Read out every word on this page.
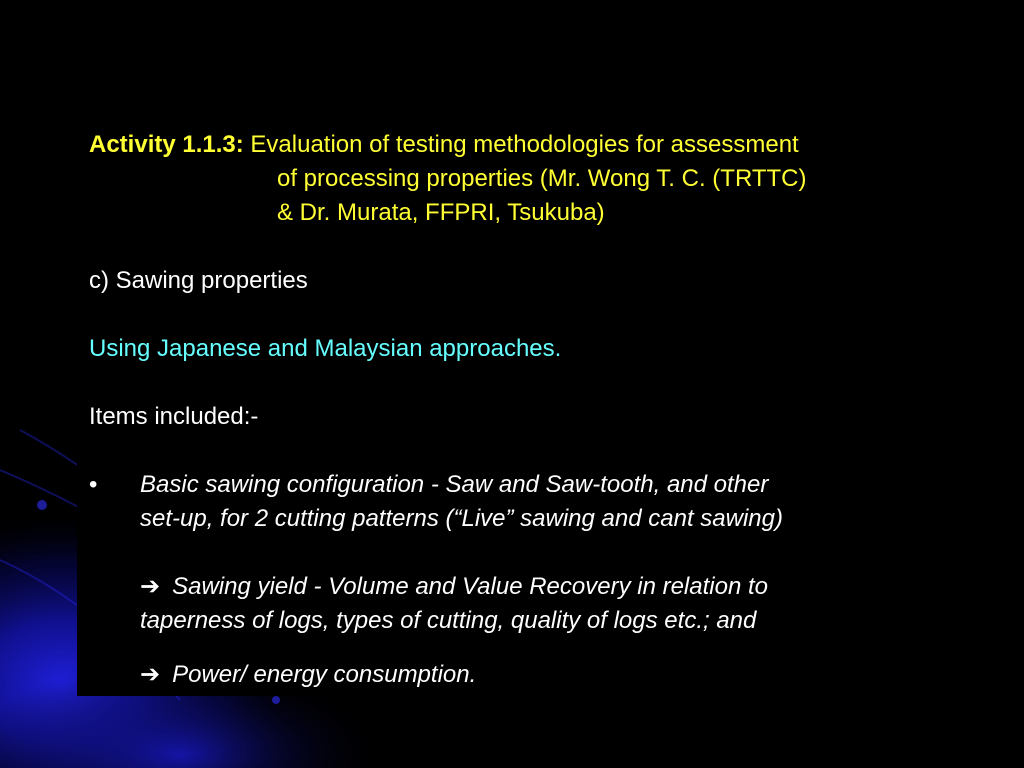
Activity 1.1.3: Evaluation of testing methodologies for assessment
of processing properties (Mr. Wong T. C. (TRTTC)
& Dr. Murata, FFPRI, Tsukuba)
c) Sawing properties
Using Japanese and Malaysian approaches.
Items included:-
• Basic sawing configuration - Saw and Saw-tooth, and other
set-up, for 2 cutting patterns (“Live” sawing and cant sawing)
➔ Sawing yield - Volume and Value Recovery in relation to
taperness of logs, types of cutting, quality of logs etc.; and
➔ Power/ energy consumption.
